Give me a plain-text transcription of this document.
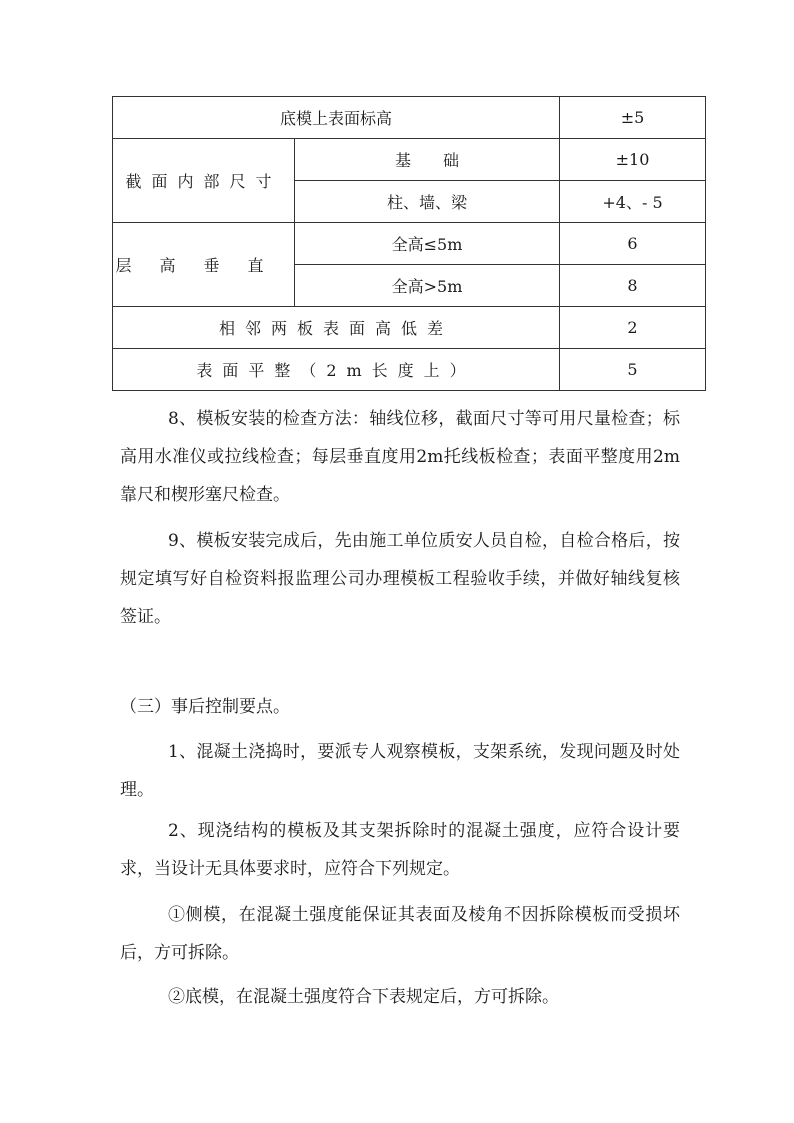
底模上表面标高		±5
截面内部尺寸	基　　础	±10
	柱、墙、梁	+4、- 5
层高垂直	全高≤5m	6
	全高>5m	8
相邻两板表面高低差		2
表面平整（2m长度上）		5

8、模板安装的检查方法：轴线位移，截面尺寸等可用尺量检查；标高用水准仪或拉线检查；每层垂直度用2m托线板检查；表面平整度用2m靠尺和楔形塞尺检查。

9、模板安装完成后，先由施工单位质安人员自检，自检合格后，按规定填写好自检资料报监理公司办理模板工程验收手续，并做好轴线复核签证。

（三）事后控制要点。

1、混凝土浇捣时，要派专人观察模板，支架系统，发现问题及时处理。

2、现浇结构的模板及其支架拆除时的混凝土强度，应符合设计要求，当设计无具体要求时，应符合下列规定。

①侧模，在混凝土强度能保证其表面及棱角不因拆除模板而受损坏后，方可拆除。

②底模，在混凝土强度符合下表规定后，方可拆除。
